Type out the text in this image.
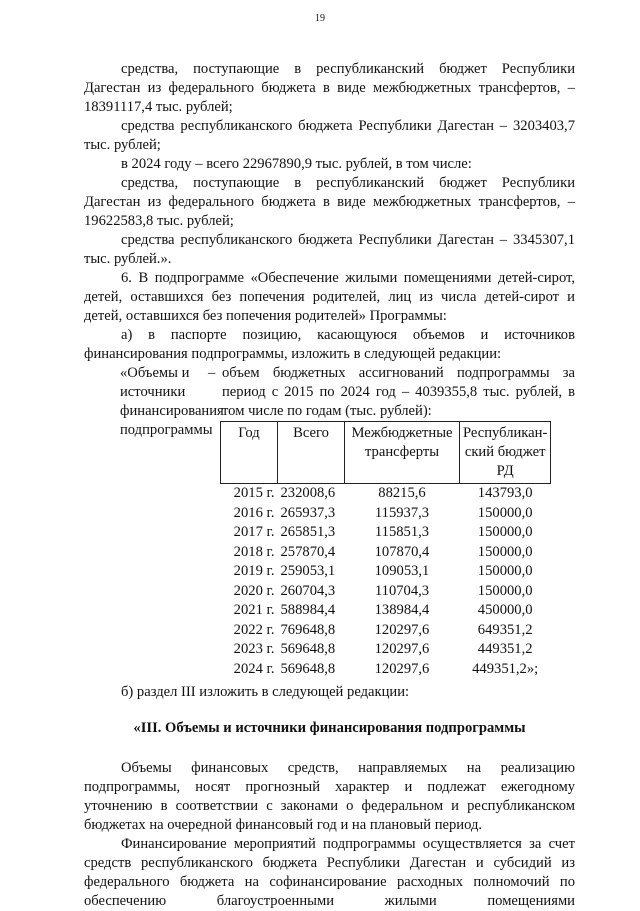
19

средства, поступающие в республиканский бюджет Республики Дагестан из федерального бюджета в виде межбюджетных трансфертов, – 18391117,4 тыс. рублей;

средства республиканского бюджета Республики Дагестан – 3203403,7 тыс. рублей;

в 2024 году – всего 22967890,9 тыс. рублей, в том числе:

средства, поступающие в республиканский бюджет Республики Дагестан из федерального бюджета в виде межбюджетных трансфертов, – 19622583,8 тыс. рублей;

средства республиканского бюджета Республики Дагестан – 3345307,1 тыс. рублей.».

6. В подпрограмме «Обеспечение жилыми помещениями детей-сирот, детей, оставшихся без попечения родителей, лиц из числа детей-сирот и детей, оставшихся без попечения родителей» Программы:

а) в паспорте позицию, касающуюся объемов и источников финансирования подпрограммы, изложить в следующей редакции:

«Объемы и источники финансирования подпрограммы
– объем бюджетных ассигнований подпрограммы за период с 2015 по 2024 год – 4039355,8 тыс. рублей, в том числе по годам (тыс. рублей):
Год	Всего	Межбюджетные трансферты	Республикан-ский бюджет РД
2015 г.	232008,6	88215,6	143793,0
2016 г.	265937,3	115937,3	150000,0
2017 г.	265851,3	115851,3	150000,0
2018 г.	257870,4	107870,4	150000,0
2019 г.	259053,1	109053,1	150000,0
2020 г.	260704,3	110704,3	150000,0
2021 г.	588984,4	138984,4	450000,0
2022 г.	769648,8	120297,6	649351,2
2023 г.	569648,8	120297,6	449351,2
2024 г.	569648,8	120297,6	449351,2»;

б) раздел III изложить в следующей редакции:

«III. Объемы и источники финансирования подпрограммы

Объемы финансовых средств, направляемых на реализацию подпрограммы, носят прогнозный характер и подлежат ежегодному уточнению в соответствии с законами о федеральном и республиканском бюджетах на очередной финансовый год и на плановый период.

Финансирование мероприятий подпрограммы осуществляется за счет средств республиканского бюджета Республики Дагестан и субсидий из федерального бюджета на софинансирование расходных полномочий по обеспечению благоустроенными жилыми помещениями
